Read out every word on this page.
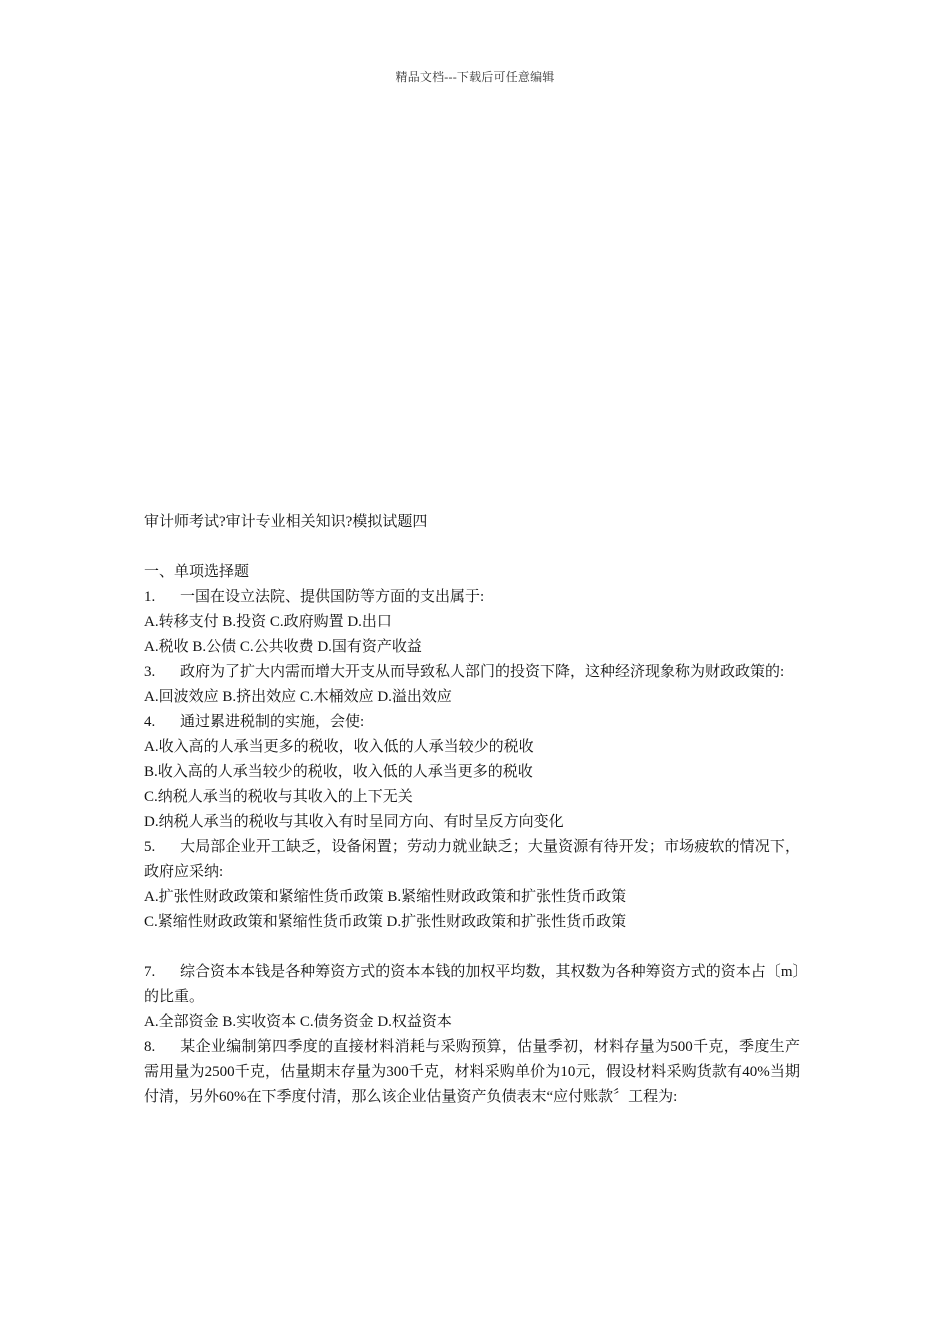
精品文档---下载后可任意编辑

审计师考试?审计专业相关知识?模拟试题四

一、单项选择题

1.	一国在设立法院、提供国防等方面的支出属于:

A.转移支付 B.投资 C.政府购置 D.出口

A.税收 B.公债 C.公共收费 D.国有资产收益

3. 政府为了扩大内需而增大开支从而导致私人部门的投资下降，这种经济现象称为财政政策的:

A.回波效应 B.挤出效应 C.木桶效应 D.溢出效应

4.	通过累进税制的实施，会使:

A.收入高的人承当更多的税收，收入低的人承当较少的税收

B.收入高的人承当较少的税收，收入低的人承当更多的税收

C.纳税人承当的税收与其收入的上下无关

D.纳税人承当的税收与其收入有时呈同方向、有时呈反方向变化

5. 大局部企业开工缺乏，设备闲置；劳动力就业缺乏；大量资源有待开发；市场疲软的情况下，政府应采纳:

A.扩张性财政政策和紧缩性货币政策 B.紧缩性财政政策和扩张性货币政策

C.紧缩性财政政策和紧缩性货币政策 D.扩张性财政政策和扩张性货币政策

7. 综合资本本钱是各种筹资方式的资本本钱的加权平均数，其权数为各种筹资方式的资本占〔m〕的比重。

A.全部资金 B.实收资本 C.债务资金 D.权益资本

8. 某企业编制第四季度的直接材料消耗与采购预算，估量季初，材料存量为500千克，季度生产需用量为2500千克，估量期末存量为300千克，材料采购单价为10元，假设材料采购货款有40%当期付清，另外60%在下季度付清，那么该企业估量资产负债表末“应付账款〞工程为:
